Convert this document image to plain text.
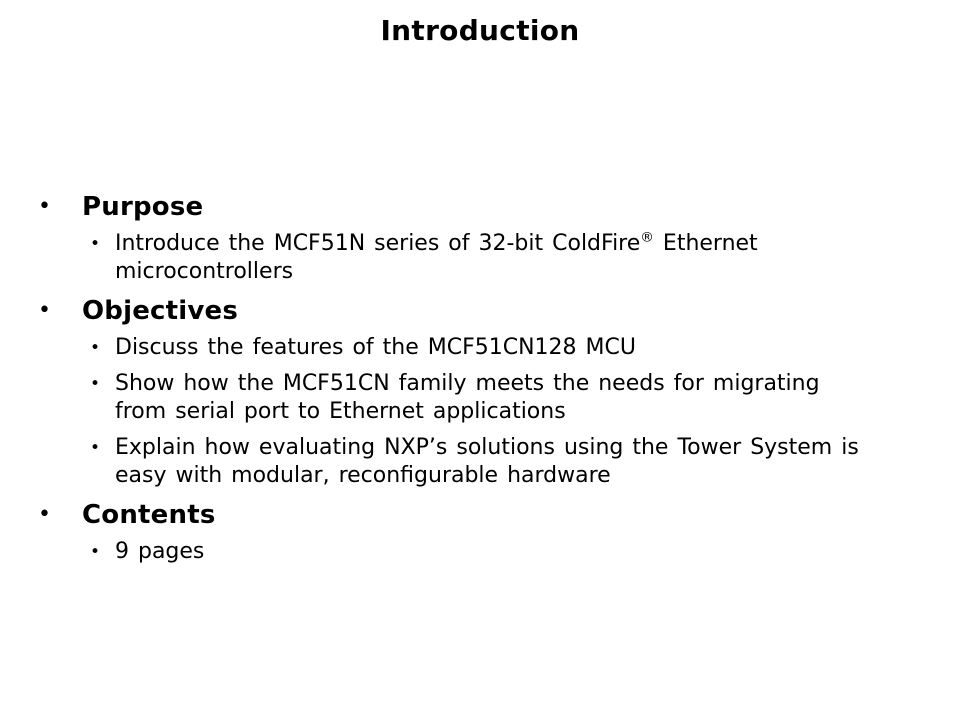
Introduction
•	Purpose
• Introduce the MCF51N series of 32-bit ColdFire® Ethernet
microcontrollers
•	Objectives
• Discuss the features of the MCF51CN128 MCU
• Show how the MCF51CN family meets the needs for migrating
from serial port to Ethernet applications
• Explain how evaluating NXP’s solutions using the Tower System is
easy with modular, reconfigurable hardware
•	Contents
• 9 pages
